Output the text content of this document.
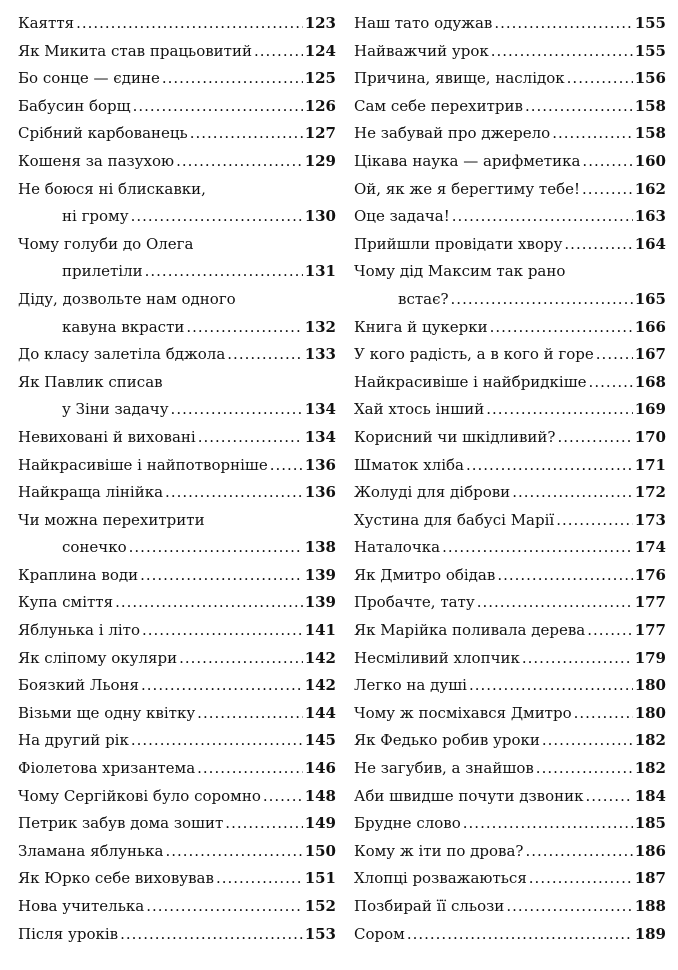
Каяття .....	123
Як Микита став працьовитий .....	124
Бо сонце — єдине .....	125
Бабусин борщ .....	126
Срібний карбованець .....	127
Кошеня за пазухою .....	129
Не боюся ні блискавки,
ні грому .....	130
Чому голуби до Олега
прилетіли .....	131
Діду, дозвольте нам одного
кавуна вкрасти .....	132
До класу залетіла бджола .....	133
Як Павлик списав
у Зіни задачу .....	134
Невиховані й виховані .....	134
Найкрасивіше і найпотворніше ..... 136
Найкраща лінійка .....	136
Чи можна перехитрити
сонечко .....	138
Краплина води .....	139
Купа сміття .....	139
Яблунька і літо .....	141
Як сліпому окуляри .....	142
Боязкий Льоня .....	142
Візьми ще одну квітку .....	144
На другий рік .....	145
Фіолетова хризантема .....	146
Чому Сергійкові було соромно .....	148
Петрик забув дома зошит .....	149
Зламана яблунька .....	150
Як Юрко себе виховував .....	151
Нова учителька .....	152
Після уроків .....	153
Наш тато одужав .....	155
Найважчий урок .....	155
Причина, явище, наслідок .....	156
Сам себе перехитрив .....	158
Не забувай про джерело .....	158
Цікава наука — арифметика .....	160
Ой, як же я берегтиму тебе! .....	162
Оце задача! .....	163
Прийшли провідати хвору .....	164
Чому дід Максим так рано
встає? .....	165
Книга й цукерки .....	166
У кого радість, а в кого й горе .....	167
Найкрасивіше і найбридкіше .....	168
Хай хтось інший .....	169
Корисний чи шкідливий? .....	170
Шматок хліба .....	171
Жолуді для діброви .....	172
Хустина для бабусі Марії .....	173
Наталочка .....	174
Як Дмитро обідав .....	176
Пробачте, тату .....	177
Як Марійка поливала дерева .....	177
Несміливий хлопчик .....	179
Легко на душі .....	180
Чому ж посміхався Дмитро .....	180
Як Федько робив уроки .....	182
Не загубив, а знайшов .....	182
Аби швидше почути дзвоник .....	184
Брудне слово .....	185
Кому ж іти по дрова? .....	186
Хлопці розважаються .....	187
Позбирай її сльози .....	188
Сором .....	189
